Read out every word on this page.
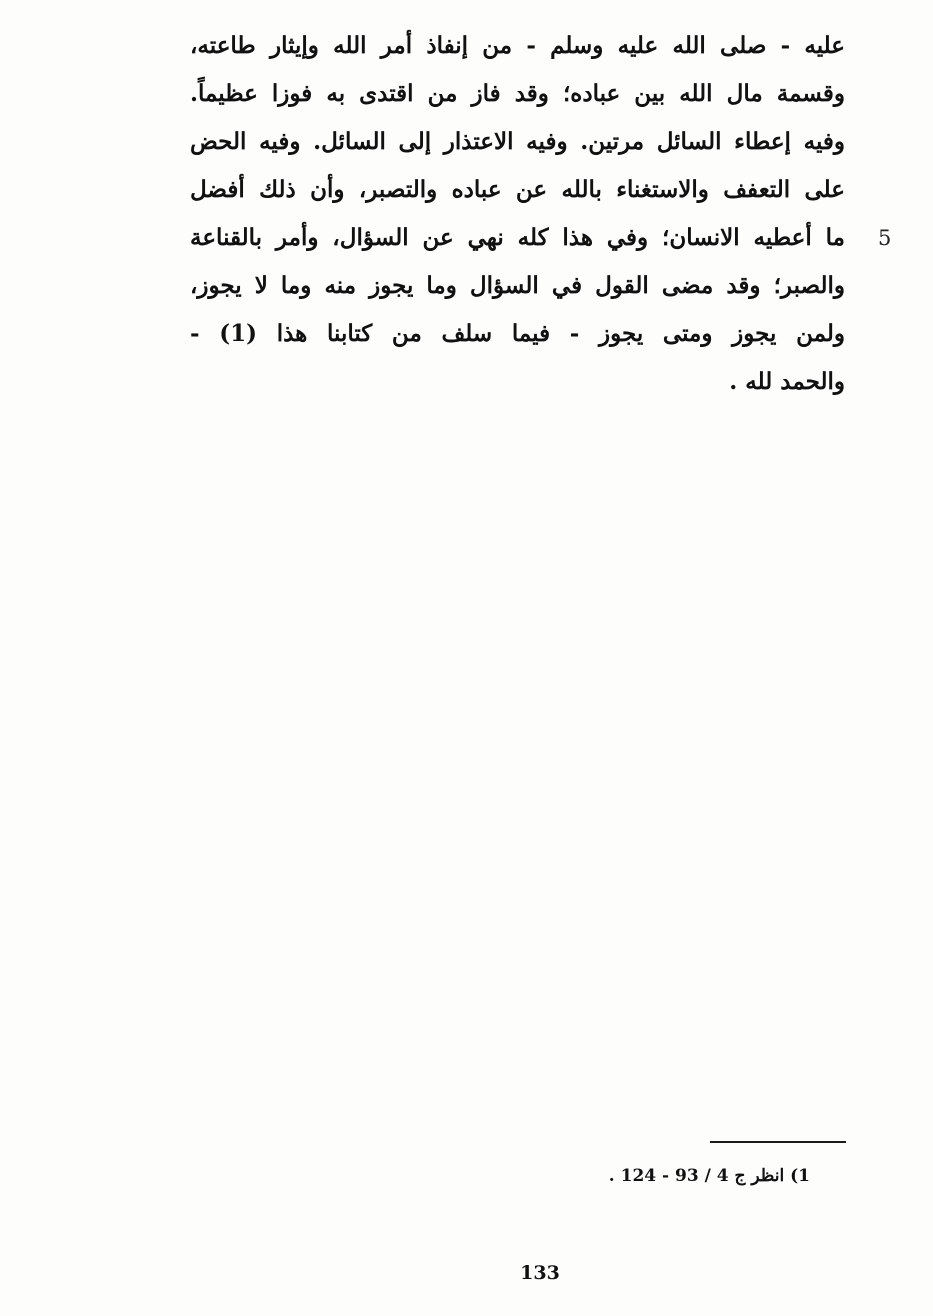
عليه - صلى الله عليه وسلم - من إنفاذ أمر الله وإيثار طاعته،
وقسمة مال الله بين عباده؛ وقد فاز من اقتدى به فوزا عظيماً.
وفيه إعطاء السائل مرتين. وفيه الاعتذار إلى السائل. وفيه الحض
على التعفف والاستغناء بالله عن عباده والتصبر، وأن ذلك أفضل
ما أعطيه الانسان؛ وفي هذا كله نهي عن السؤال، وأمر بالقناعة
والصبر؛ وقد مضى القول في السؤال وما يجوز منه وما لا يجوز،
ولمن يجوز ومتى يجوز - فيما سلف من كتابنا هذا (1) -
والحمد لله .
5
1) انظر ج 4 / 93 - 124 .
133
